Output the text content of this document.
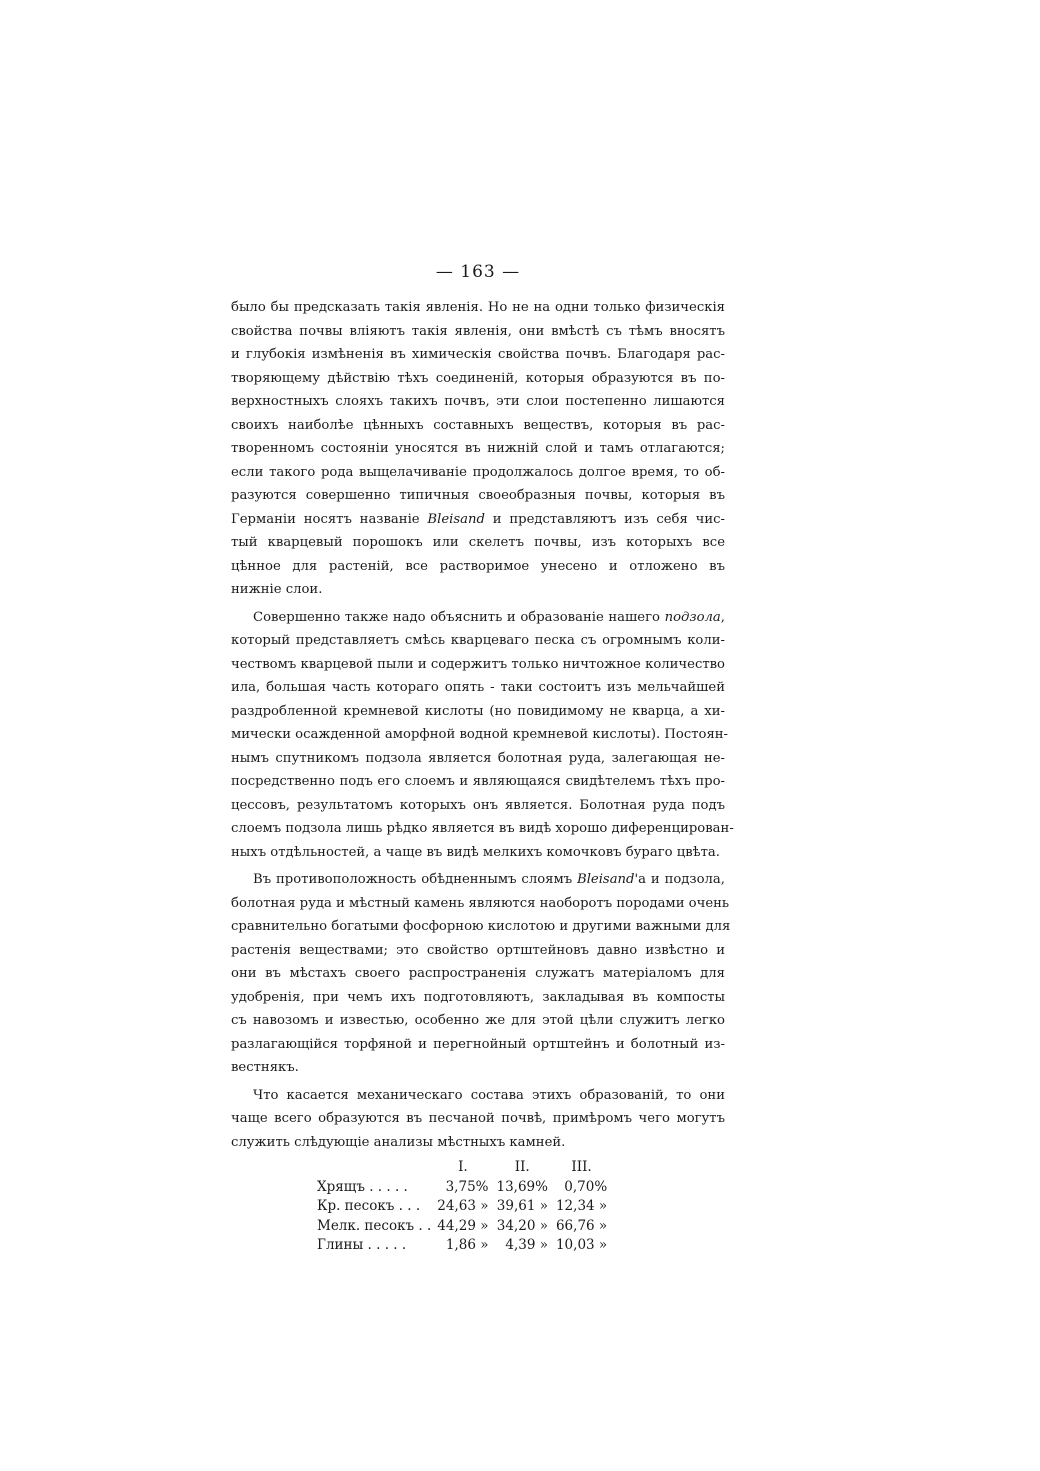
— 163 —

было бы предсказать такія явленія. Но не на одни только физическія
свойства почвы вліяютъ такія явленія, они вмѣстѣ съ тѣмъ вносятъ
и глубокія измѣненія въ химическія свойства почвъ. Благодаря рас-
творяющему дѣйствію тѣхъ соединеній, которыя образуются въ по-
верхностныхъ слояхъ такихъ почвъ, эти слои постепенно лишаются
своихъ наиболѣе цѣнныхъ составныхъ веществъ, которыя въ рас-
творенномъ состояніи уносятся въ нижній слой и тамъ отлагаются;
если такого рода выщелачиваніе продолжалось долгое время, то об-
разуются совершенно типичныя своеобразныя почвы, которыя въ
Германіи носятъ названіе Bleisand и представляютъ изъ себя чис-
тый кварцевый порошокъ или скелетъ почвы, изъ которыхъ все
цѣнное для растеній, все растворимое унесено и отложено въ
нижніе слои.

Совершенно также надо объяснить и образованіе нашего подзола,
который представляетъ смѣсь кварцеваго песка съ огромнымъ коли-
чествомъ кварцевой пыли и содержитъ только ничтожное количество
ила, большая часть котораго опять - таки состоитъ изъ мельчайшей
раздробленной кремневой кислоты (но повидимому не кварца, а хи-
мически осажденной аморфной водной кремневой кислоты). Постоян-
нымъ спутникомъ подзола является болотная руда, залегающая не-
посредственно подъ его слоемъ и являющаяся свидѣтелемъ тѣхъ про-
цессовъ, результатомъ которыхъ онъ является. Болотная руда подъ
слоемъ подзола лишь рѣдко является въ видѣ хорошо диференцирован-
ныхъ отдѣльностей, а чаще въ видѣ мелкихъ комочковъ бураго цвѣта.

Въ противоположность обѣдненнымъ слоямъ Bleisand'a и подзола,
болотная руда и мѣстный камень являются наоборотъ породами очень
сравнительно богатыми фосфорною кислотою и другими важными для
растенія веществами; это свойство ортштейновъ давно извѣстно и
они въ мѣстахъ своего распространенія служатъ матеріаломъ для
удобренія, при чемъ ихъ подготовляютъ, закладывая въ компосты
съ навозомъ и известью, особенно же для этой цѣли служитъ легко
разлагающійся торфяной и перегнойный ортштейнъ и болотный из-
вестнякъ.

Что касается механическаго состава этихъ образованій, то они
чаще всего образуются въ песчаной почвѣ, примѣромъ чего могутъ
служить слѣдующіе анализы мѣстныхъ камней.

	I.	II.	III.
Хрящъ . . . . .	3,75%	13,69%	0,70%
Кр. песокъ . . .	24,63 »	39,61 »	12,34 »
Мелк. песокъ . .	44,29 »	34,20 »	66,76 »
Глины . . . . .	1,86 »	4,39 »	10,03 »
